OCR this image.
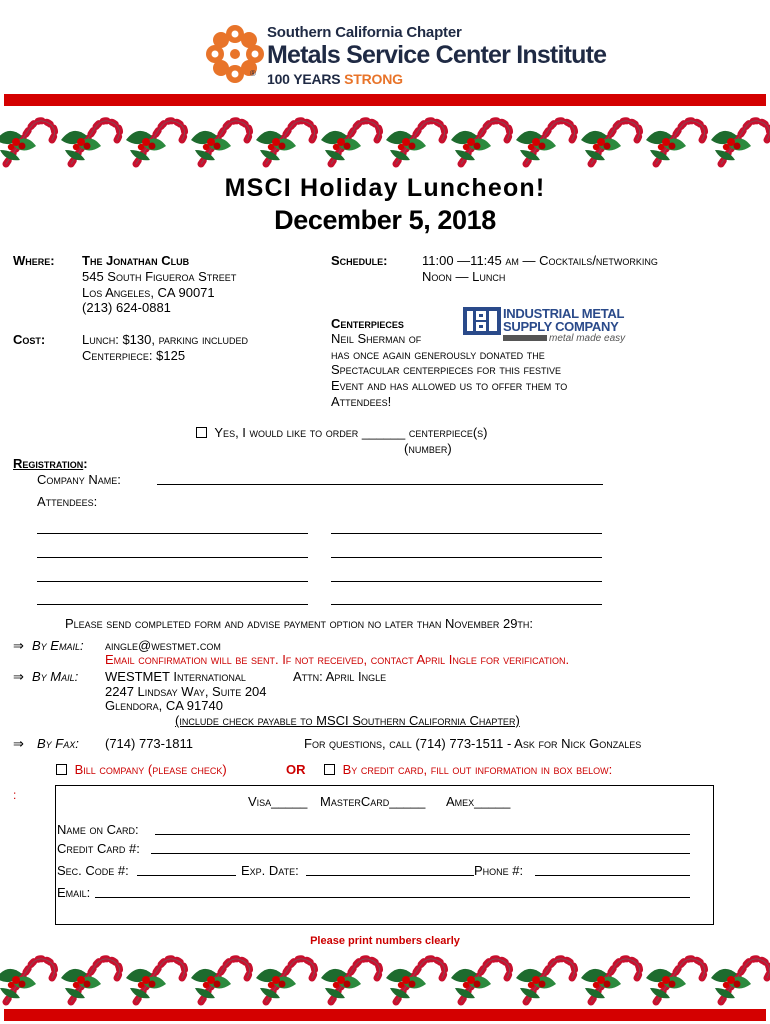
Southern California Chapter
Metals Service Center Institute
® 100 YEARS STRONG
MSCI Holiday Luncheon!
December 5, 2018
Where: The Jonathan Club
545 South Figueroa Street
Los Angeles, CA 90071
(213) 624-0881
Cost:	Lunch: $130, parking included
Centerpiece: $125
Schedule:	11:00 —11:45 am — Cocktails/networking
Noon — Lunch
Centerpieces
Neil Sherman of
has once again generously donated the
Spectacular centerpieces for this festive
Event and has allowed us to offer them to
Attendees!
INDUSTRIAL METAL
SUPPLY COMPANY
metal made easy
Yes, I would like to order ______ centerpiece(s)
(number)
Registration:
Company Name:
Attendees:
Please send completed form and advise payment option no later than November 29th:
⇒ By Email: aingle@westmet.com
Email confirmation will be sent. If not received, contact April Ingle for verification.
⇒ By Mail: WESTMET International	Attn: April Ingle
2247 Lindsay Way, Suite 204
Glendora, CA 91740
(include check payable to MSCI Southern California Chapter)
⇒ By Fax: (714) 773-1811	For questions, call (714) 773-1511 - Ask for Nick Gonzales
Bill company (please check)	OR	By credit card, fill out information in box below:
:	Visa_____ MasterCard_____ Amex_____
Name on Card:
Credit Card #:
Sec. Code #:	Exp. Date:	Phone #:
Email:
Please print numbers clearly
